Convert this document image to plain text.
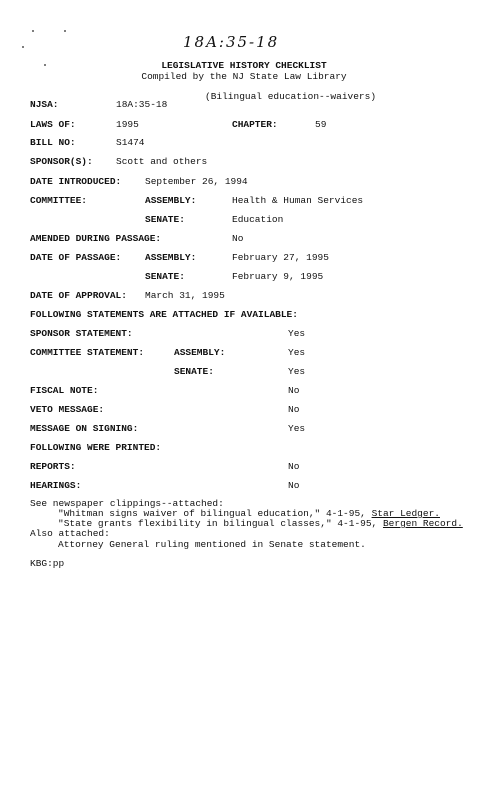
18A:35-18
LEGISLATIVE HISTORY CHECKLIST
Compiled by the NJ State Law Library
(Bilingual education--waivers)
NJSA:	18A:35-18
LAWS OF:	1995	CHAPTER:	59
BILL NO:	S1474
SPONSOR(S): Scott and others
DATE INTRODUCED:	September 26, 1994
COMMITTEE:	ASSEMBLY:	Health & Human Services
SENATE:	Education
AMENDED DURING PASSAGE:	No
DATE OF PASSAGE:	ASSEMBLY:	February 27, 1995
SENATE:	February 9, 1995
DATE OF APPROVAL: March 31, 1995
FOLLOWING STATEMENTS ARE ATTACHED IF AVAILABLE:
SPONSOR STATEMENT:	Yes
COMMITTEE STATEMENT:	ASSEMBLY:	Yes
SENATE:	Yes
FISCAL NOTE:	No
VETO MESSAGE:	No
MESSAGE ON SIGNING:	Yes
FOLLOWING WERE PRINTED:
REPORTS:	No
HEARINGS:	No
See newspaper clippings--attached:
"Whitman signs waiver of bilingual education," 4-1-95, Star Ledger.
"State grants flexibility in bilingual classes," 4-1-95, Bergen Record.
Also attached:
Attorney General ruling mentioned in Senate statement.
KBG:pp
